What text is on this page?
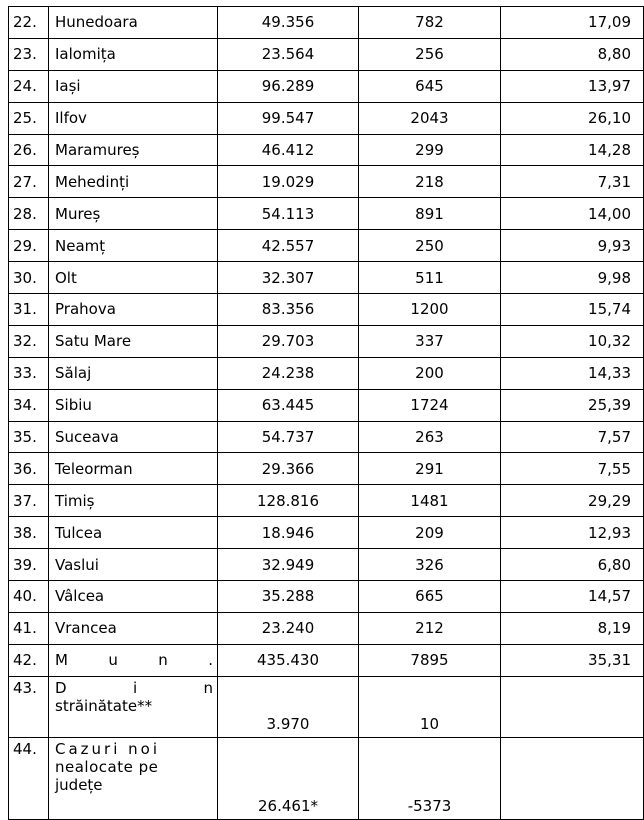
22.	Hunedoara	49.356	782	17,09
23.	Ialomița	23.564	256	8,80
24.	Iași	96.289	645	13,97
25.	Ilfov	99.547	2043	26,10
26.	Maramureș	46.412	299	14,28
27.	Mehedinți	19.029	218	7,31
28.	Mureș	54.113	891	14,00
29.	Neamț	42.557	250	9,93
30.	Olt	32.307	511	9,98
31.	Prahova	83.356	1200	15,74
32.	Satu Mare	29.703	337	10,32
33.	Sălaj	24.238	200	14,33
34.	Sibiu	63.445	1724	25,39
35.	Suceava	54.737	263	7,57
36.	Teleorman	29.366	291	7,55
37.	Timiș	128.816	1481	29,29
38.	Tulcea	18.946	209	12,93
39.	Vaslui	32.949	326	6,80
40.	Vâlcea	35.288	665	14,57
41.	Vrancea	23.240	212	8,19
42.	M u n .	435.430	7895	35,31
43.	D i n
străinătate**	3.970	10	
44.	Cazuri noi
nealocate pe
județe	26.461*	-5373	
